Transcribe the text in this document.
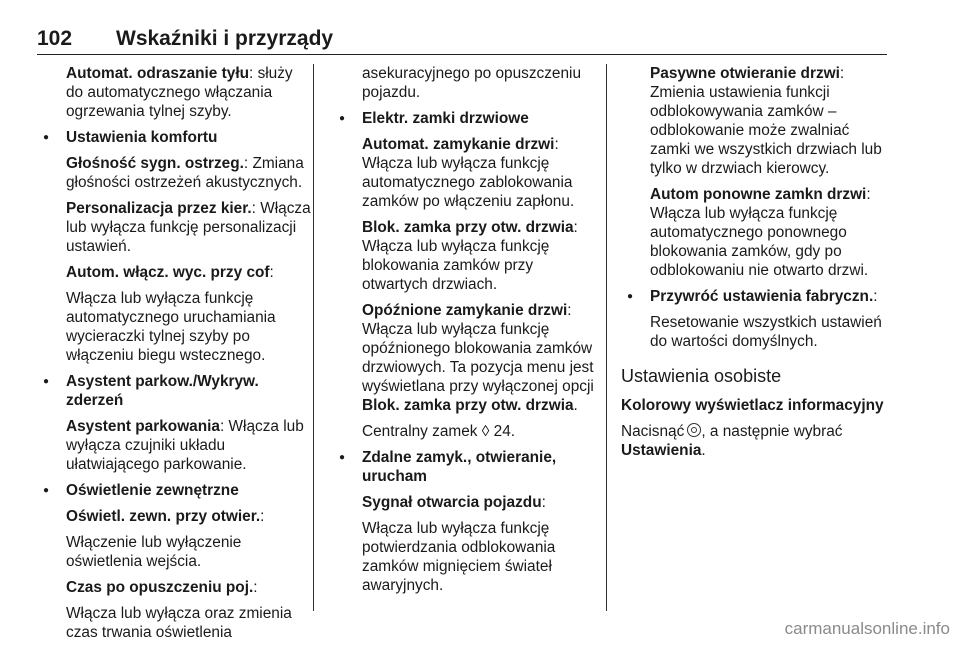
102 Wskaźniki i przyrządy
Automat. odraszanie tyłu: służy do automatycznego włączania ogrzewania tylnej szyby.
● Ustawienia komfortu
Głośność sygn. ostrzeg.: Zmiana głośności ostrzeżeń akustycznych.
Personalizacja przez kier.: Włącza lub wyłącza funkcję personalizacji ustawień.
Autom. włącz. wyc. przy cof:
Włącza lub wyłącza funkcję automatycznego uruchamiania wycieraczki tylnej szyby po włączeniu biegu wstecznego.
● Asystent parkow./Wykryw. zderzeń
Asystent parkowania: Włącza lub wyłącza czujniki układu ułatwiającego parkowanie.
● Oświetlenie zewnętrzne
Oświetl. zewn. przy otwier.:
Włączenie lub wyłączenie oświetlenia wejścia.
Czas po opuszczeniu poj.:
Włącza lub wyłącza oraz zmienia czas trwania oświetlenia
asekuracyjnego po opuszczeniu pojazdu.
● Elektr. zamki drzwiowe
Automat. zamykanie drzwi: Włącza lub wyłącza funkcję automatycznego zablokowania zamków po włączeniu zapłonu.
Blok. zamka przy otw. drzwia: Włącza lub wyłącza funkcję blokowania zamków przy otwartych drzwiach.
Opóźnione zamykanie drzwi: Włącza lub wyłącza funkcję opóźnionego blokowania zamków drzwiowych. Ta pozycja menu jest wyświetlana przy wyłączonej opcji Blok. zamka przy otw. drzwia.
Centralny zamek ◊ 24.
● Zdalne zamyk., otwieranie, urucham
Sygnał otwarcia pojazdu:
Włącza lub wyłącza funkcję potwierdzania odblokowania zamków mignięciem świateł awaryjnych.
Pasywne otwieranie drzwi: Zmienia ustawienia funkcji odblokowywania zamków – odblokowanie może zwalniać zamki we wszystkich drzwiach lub tylko w drzwiach kierowcy.
Autom ponowne zamkn drzwi: Włącza lub wyłącza funkcję automatycznego ponownego blokowania zamków, gdy po odblokowaniu nie otwarto drzwi.
● Przywróć ustawienia fabryczn.:
Resetowanie wszystkich ustawień do wartości domyślnych.
Ustawienia osobiste
Kolorowy wyświetlacz informacyjny
Nacisnąć , a następnie wybrać
Ustawienia.
carmanualsonline.info
